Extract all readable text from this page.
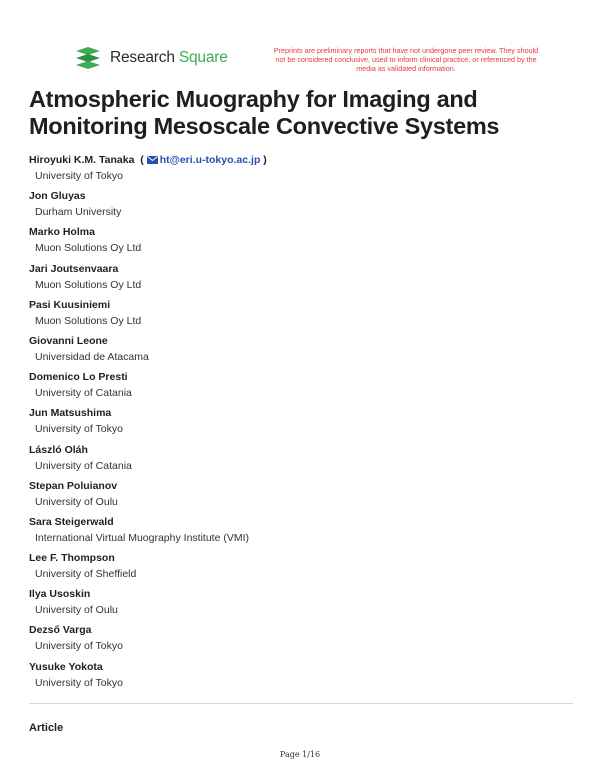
Research Square	Preprints are preliminary reports that have not undergone peer review. They should not be considered conclusive, used to inform clinical practice, or referenced by the media as validated information.
Atmospheric Muography for Imaging and Monitoring Mesoscale Convective Systems
Hiroyuki K.M. Tanaka ( ht@eri.u-tokyo.ac.jp )
University of Tokyo
Jon Gluyas
Durham University
Marko Holma
Muon Solutions Oy Ltd
Jari Joutsenvaara
Muon Solutions Oy Ltd
Pasi Kuusiniemi
Muon Solutions Oy Ltd
Giovanni Leone
Universidad de Atacama
Domenico Lo Presti
University of Catania
Jun Matsushima
University of Tokyo
László Oláh
University of Catania
Stepan Poluianov
University of Oulu
Sara Steigerwald
International Virtual Muography Institute (VMI)
Lee F. Thompson
University of Sheffield
Ilya Usoskin
University of Oulu
Dezső Varga
University of Tokyo
Yusuke Yokota
University of Tokyo
Article
Page 1/16
